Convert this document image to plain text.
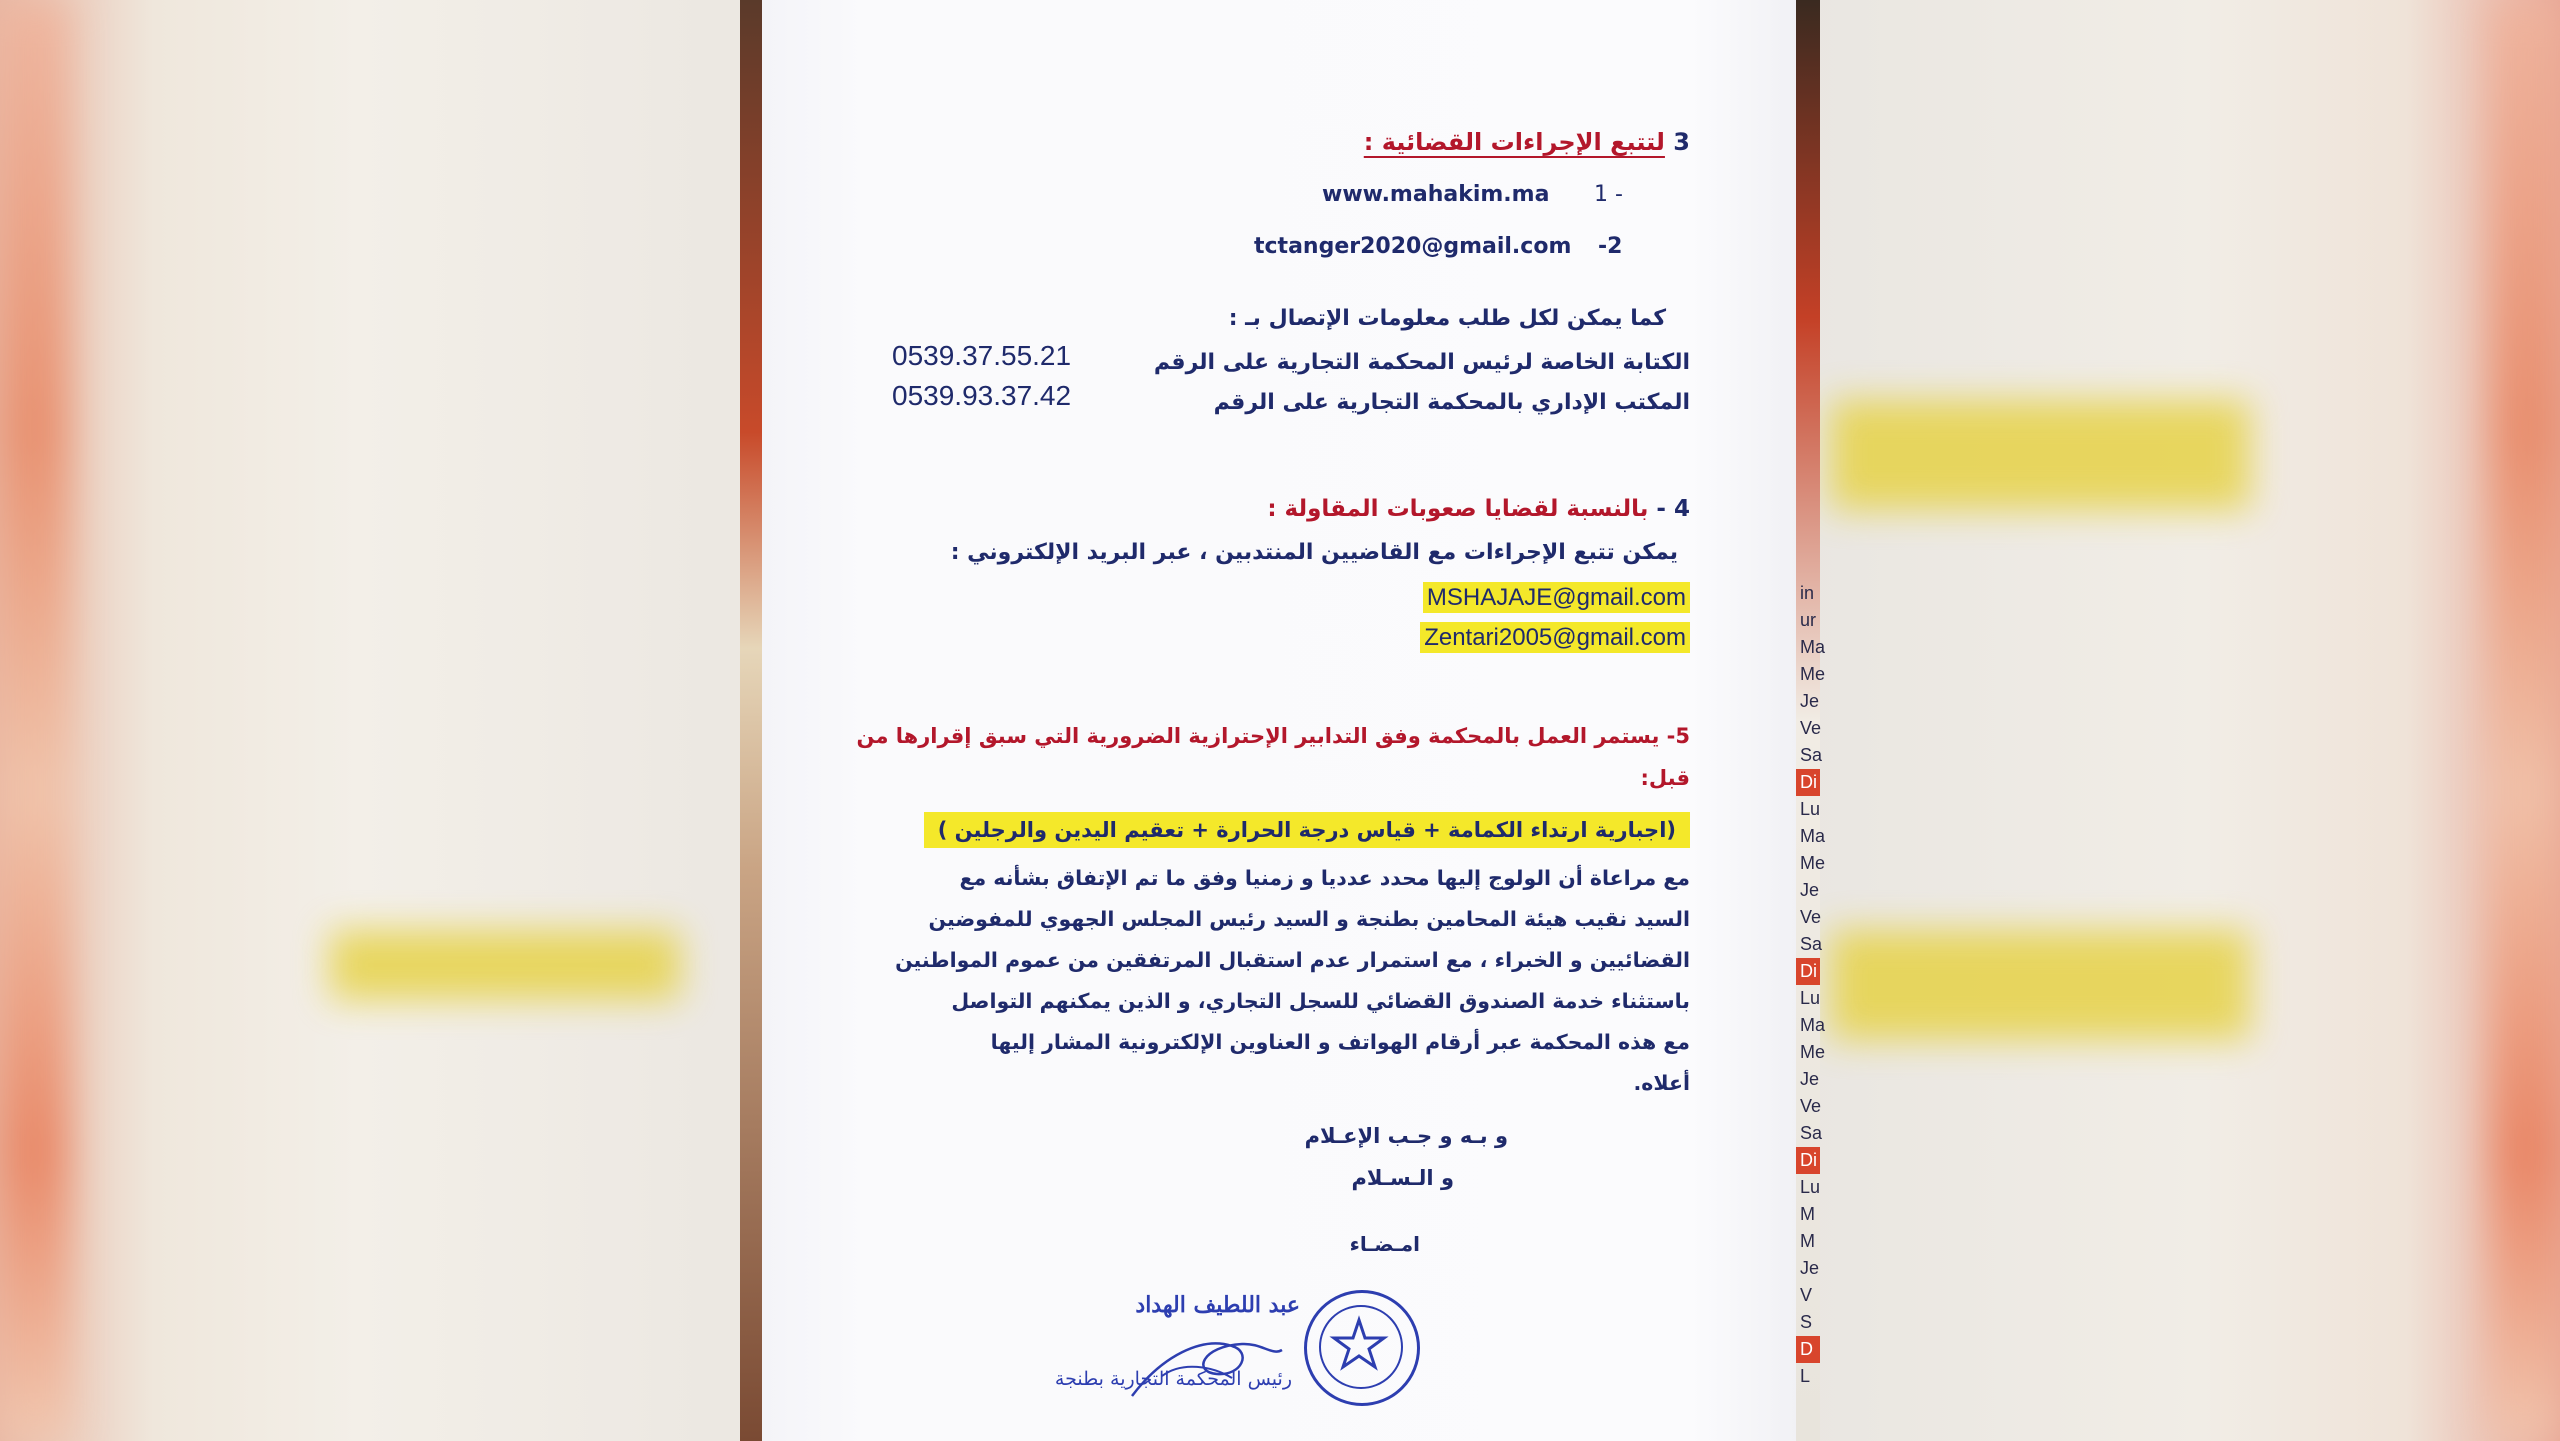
in
ur
Ma
Me
Je
Ve
Sa
Di
Lu
Ma
Me
Je
Ve
Sa
Di
Lu
Ma
Me
Je
Ve
Sa
Di
Lu
M
M
Je
V
S
D
L
3 لتتبع الإجراءات القضائية :
www.mahakim.ma 1 -
tctanger2020@gmail.com -2
كما يمكن لكل طلب معلومات الإتصال بـ :
الكتابة الخاصة لرئيس المحكمة التجارية على الرقم
0539.37.55.21
المكتب الإداري بالمحكمة التجارية على الرقم
0539.93.37.42
4 - بالنسبة لقضايا صعوبات المقاولة :
يمكن تتبع الإجراءات مع القاضيين المنتدبين ، عبر البريد الإلكتروني :
MSHAJAJE@gmail.com
Zentari2005@gmail.com
5- يستمر العمل بالمحكمة وفق التدابير الإحترازية الضرورية التي سبق إقرارها من
قبل:
(اجبارية ارتداء الكمامة + قياس درجة الحرارة + تعقيم اليدين والرجلين )
مع مراعاة أن الولوج إليها محدد عدديا و زمنيا وفق ما تم الإتفاق بشأنه مع
السيد نقيب هيئة المحامين بطنجة و السيد رئيس المجلس الجهوي للمفوضين
القضائيين و الخبراء ، مع استمرار عدم استقبال المرتفقين من عموم المواطنين
باستثناء خدمة الصندوق القضائي للسجل التجاري، و الذين يمكنهم التواصل
مع هذه المحكمة عبر أرقام الهواتف و العناوين الإلكترونية المشار إليها
أعلاه.
و بـه و جـب الإعـلام
و الـسـلام
امـضـاء
عبد اللطيف الهداد
رئيس المحكمة التجارية بطنجة
